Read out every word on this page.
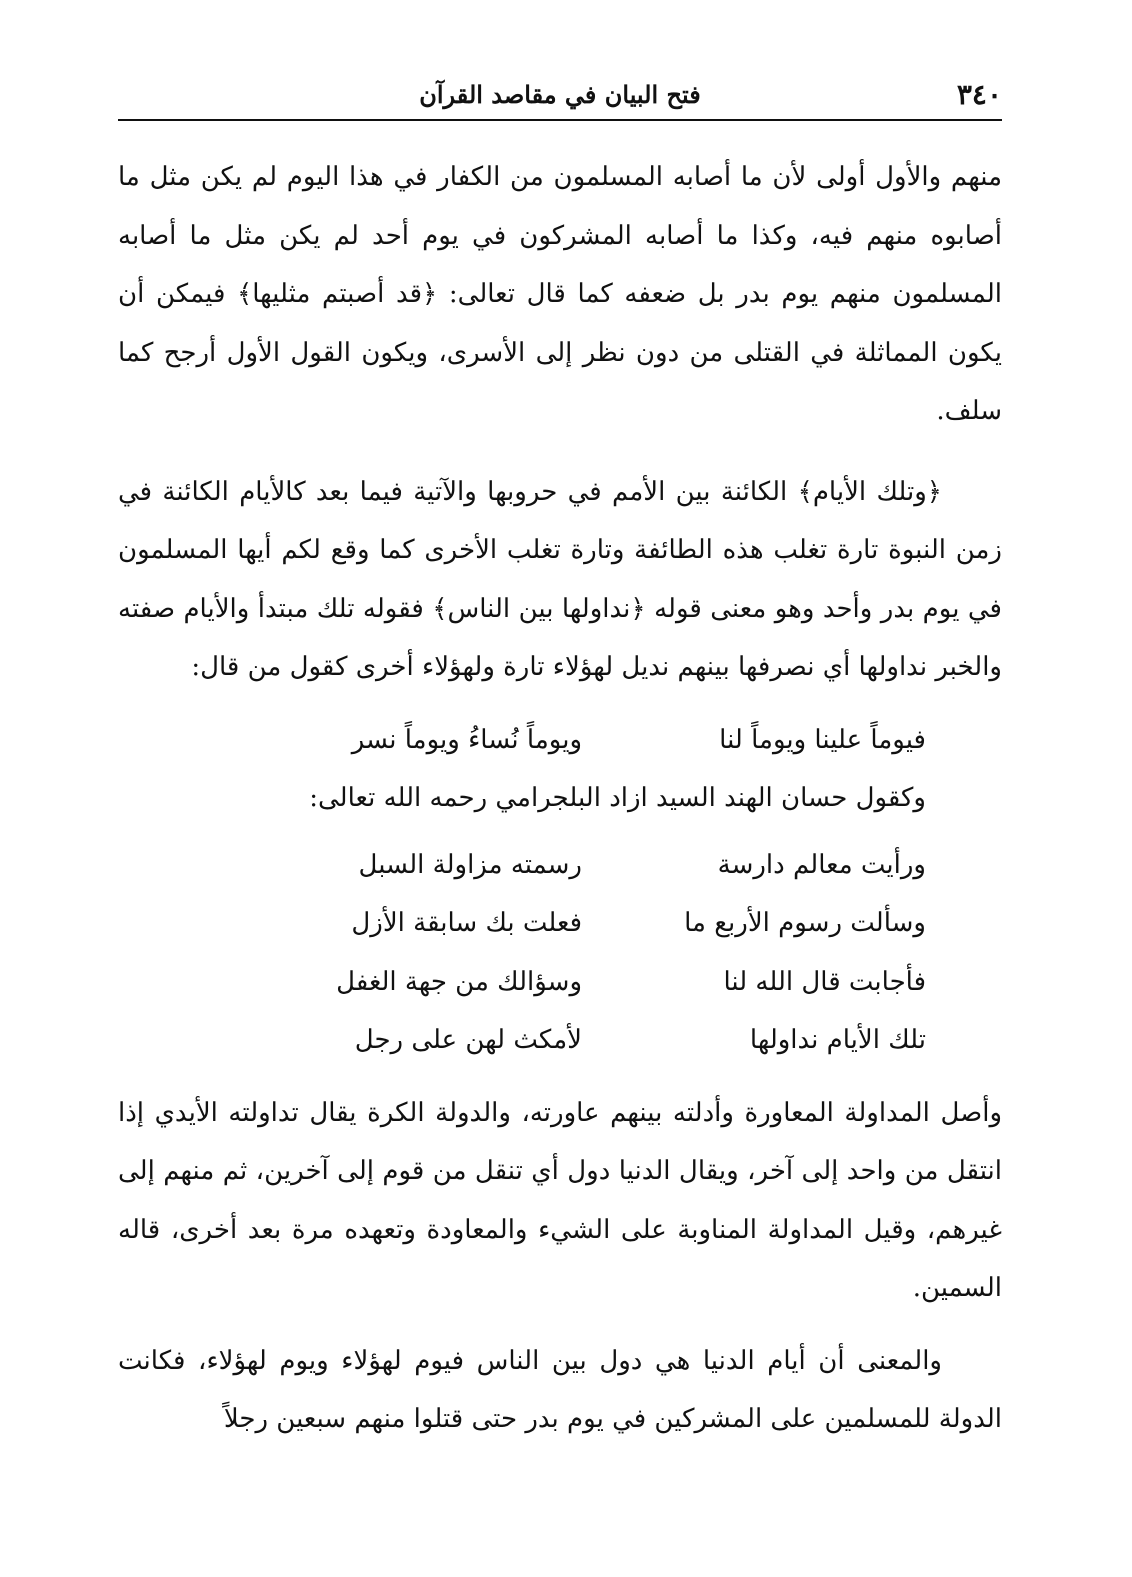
٣٤٠
فتح البيان في مقاصد القرآن

منهم والأول أولى لأن ما أصابه المسلمون من الكفار في هذا اليوم لم يكن مثل ما أصابوه منهم فيه، وكذا ما أصابه المشركون في يوم أحد لم يكن مثل ما أصابه المسلمون منهم يوم بدر بل ضعفه كما قال تعالى: ﴿قد أصبتم مثليها﴾ فيمكن أن يكون المماثلة في القتلى من دون نظر إلى الأسرى، ويكون القول الأول أرجح كما سلف.

﴿وتلك الأيام﴾ الكائنة بين الأمم في حروبها والآتية فيما بعد كالأيام الكائنة في زمن النبوة تارة تغلب هذه الطائفة وتارة تغلب الأخرى كما وقع لكم أيها المسلمون في يوم بدر وأحد وهو معنى قوله ﴿نداولها بين الناس﴾ فقوله تلك مبتدأ والأيام صفته والخبر نداولها أي نصرفها بينهم نديل لهؤلاء تارة ولهؤلاء أخرى كقول من قال:

فيوماً علينا ويوماً لنا
ويوماً نُساءُ ويوماً نسر

وكقول حسان الهند السيد ازاد البلجرامي رحمه الله تعالى:

ورأيت معالم دارسة
رسمته مزاولة السبل
وسألت رسوم الأربع ما
فعلت بك سابقة الأزل
فأجابت قال الله لنا
وسؤالك من جهة الغفل
تلك الأيام نداولها
لأمكث لهن على رجل

وأصل المداولة المعاورة وأدلته بينهم عاورته، والدولة الكرة يقال تداولته الأيدي إذا انتقل من واحد إلى آخر، ويقال الدنيا دول أي تنقل من قوم إلى آخرين، ثم منهم إلى غيرهم، وقيل المداولة المناوبة على الشيء والمعاودة وتعهده مرة بعد أخرى، قاله السمين.

والمعنى أن أيام الدنيا هي دول بين الناس فيوم لهؤلاء ويوم لهؤلاء، فكانت الدولة للمسلمين على المشركين في يوم بدر حتى قتلوا منهم سبعين رجلاً
